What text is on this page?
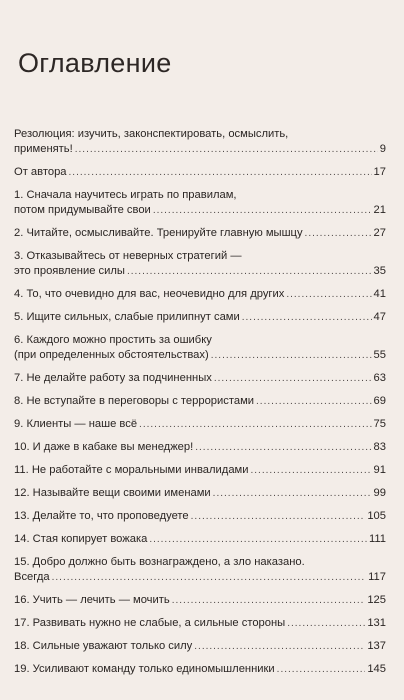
Оглавление
Резолюция: изучить, законспектировать, осмыслить,
применять! .....	9
От автора .....	17
1. Сначала научитесь играть по правилам,
потом придумывайте свои .....	21
2. Читайте, осмысливайте. Тренируйте главную мышцу .....	27
3. Отказывайтесь от неверных стратегий —
это проявление силы .....	35
4. То, что очевидно для вас, неочевидно для других .....	41
5. Ищите сильных, слабые прилипнут сами .....	47
6. Каждого можно простить за ошибку
(при определенных обстоятельствах) .....	55
7. Не делайте работу за подчиненных .....	63
8. Не вступайте в переговоры с террористами .....	69
9. Клиенты — наше всё .....	75
10. И даже в кабаке вы менеджер! .....	83
11. Не работайте с моральными инвалидами .....	91
12. Называйте вещи своими именами .....	99
13. Делайте то, что проповедуете .....	105
14. Стая копирует вожака .....	111
15. Добро должно быть вознаграждено, а зло наказано.
Всегда .....	117
16. Учить — лечить — мочить .....	125
17. Развивать нужно не слабые, а сильные стороны .....	131
18. Сильные уважают только силу .....	137
19. Усиливают команду только единомышленники .....	145
